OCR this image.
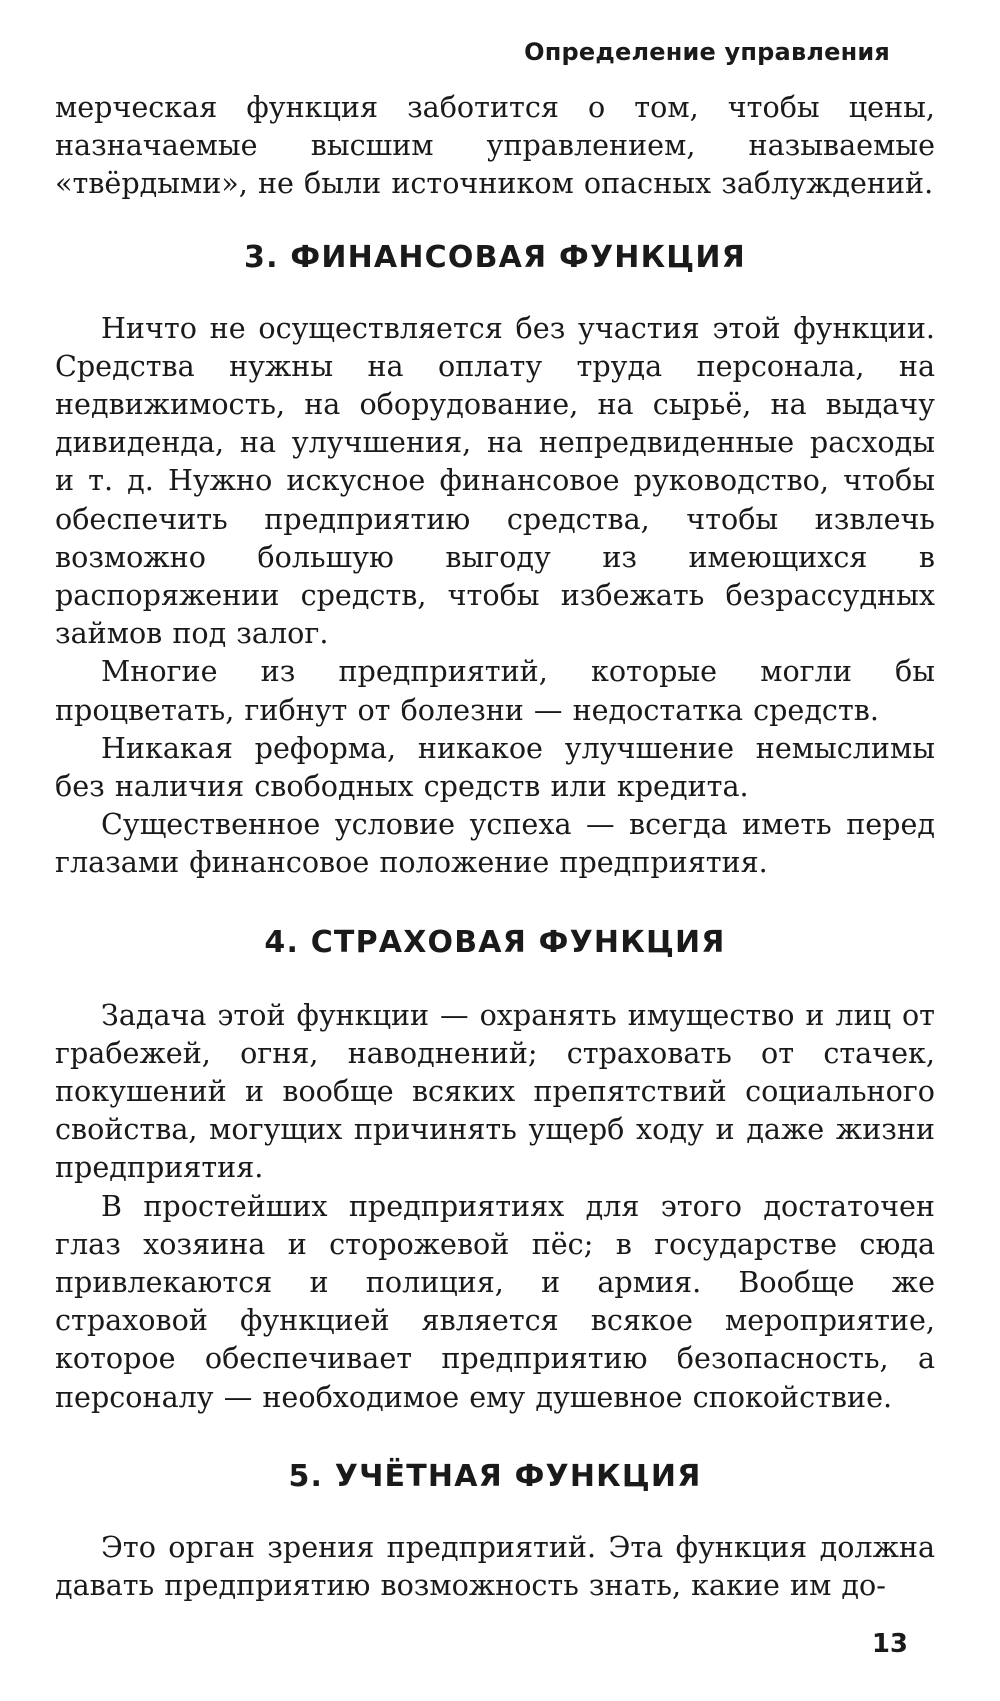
Определение управления

мерческая функция заботится о том, чтобы цены, назначаемые высшим управлением, называемые «твёрдыми», не были источником опасных заблуждений.

3. ФИНАНСОВАЯ ФУНКЦИЯ

Ничто не осуществляется без участия этой функции. Средства нужны на оплату труда персонала, на недвижимость, на оборудование, на сырьё, на выдачу дивиденда, на улучшения, на непредвиденные расходы и т. д. Нужно искусное финансовое руководство, чтобы обеспечить предприятию средства, чтобы извлечь возможно большую выгоду из имеющихся в распоряжении средств, чтобы избежать безрассудных займов под залог.

Многие из предприятий, которые могли бы процветать, гибнут от болезни — недостатка средств.

Никакая реформа, никакое улучшение немыслимы без наличия свободных средств или кредита.

Существенное условие успеха — всегда иметь перед глазами финансовое положение предприятия.

4. СТРАХОВАЯ ФУНКЦИЯ

Задача этой функции — охранять имущество и лиц от грабежей, огня, наводнений; страховать от стачек, покушений и вообще всяких препятствий социального свойства, могущих причинять ущерб ходу и даже жизни предприятия.

В простейших предприятиях для этого достаточен глаз хозяина и сторожевой пёс; в государстве сюда привлекаются и полиция, и армия. Вообще же страховой функцией является всякое мероприятие, которое обеспечивает предприятию безопасность, а персоналу — необходимое ему душевное спокойствие.

5. УЧЁТНАЯ ФУНКЦИЯ

Это орган зрения предприятий. Эта функция должна давать предприятию возможность знать, какие им до-

13
